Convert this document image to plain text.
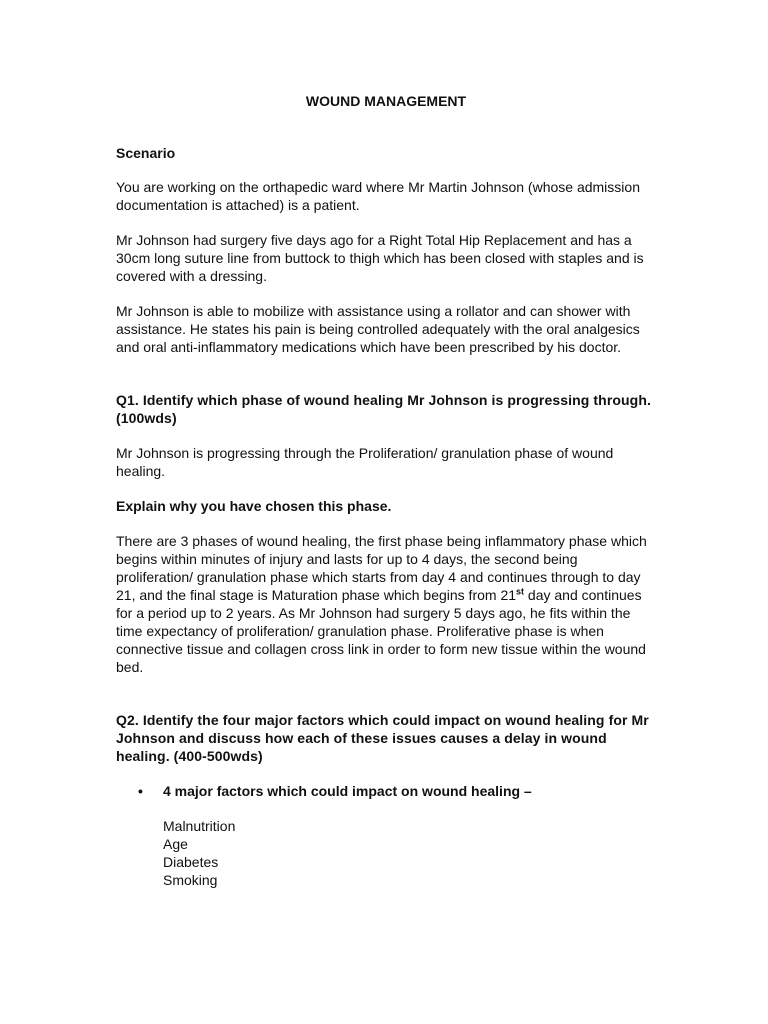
WOUND MANAGEMENT

Scenario

You are working on the orthapedic ward where Mr Martin Johnson (whose admission documentation is attached) is a patient.

Mr Johnson had surgery five days ago for a Right Total Hip Replacement and has a 30cm long suture line from buttock to thigh which has been closed with staples and is covered with a dressing.

Mr Johnson is able to mobilize with assistance using a rollator and can shower with assistance. He states his pain is being controlled adequately with the oral analgesics and oral anti-inflammatory medications which have been prescribed by his doctor.

Q1. Identify which phase of wound healing Mr Johnson is progressing through. (100wds)

Mr Johnson is progressing through the Proliferation/ granulation phase of wound healing.

Explain why you have chosen this phase.

There are 3 phases of wound healing, the first phase being inflammatory phase which begins within minutes of injury and lasts for up to 4 days, the second being proliferation/ granulation phase which starts from day 4 and continues through to day 21, and the final stage is Maturation phase which begins from 21st day and continues for a period up to 2 years. As Mr Johnson had surgery 5 days ago, he fits within the time expectancy of proliferation/ granulation phase. Proliferative phase is when connective tissue and collagen cross link in order to form new tissue within the wound bed.

Q2. Identify the four major factors which could impact on wound healing for Mr Johnson and discuss how each of these issues causes a delay in wound healing. (400-500wds)

•	4 major factors which could impact on wound healing –
Malnutrition
Age
Diabetes
Smoking
